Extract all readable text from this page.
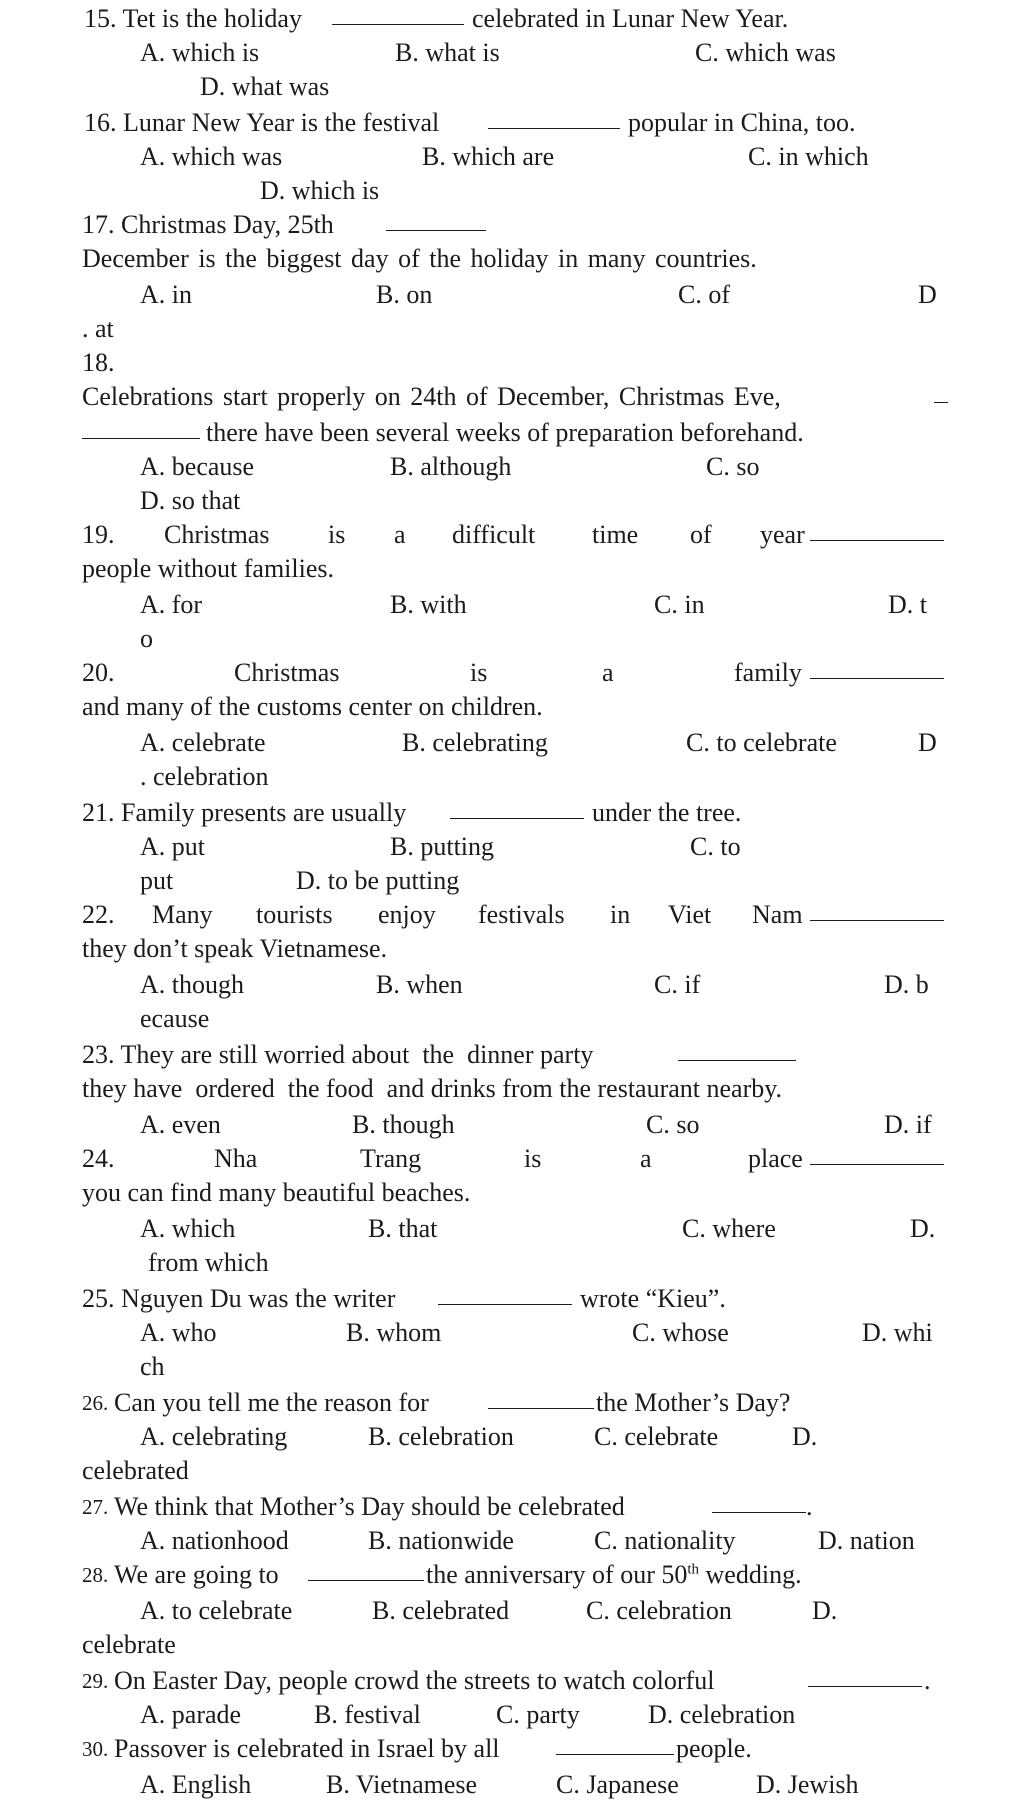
15. Tet is the holiday	celebrated in Lunar New Year.
A. which is	B. what is	C. which was
D. what was
16. Lunar New Year is the festival	popular in China, too.
A. which was	B. which are	C. in which
D. which is
17. Christmas Day, 25th
December is the biggest day of the holiday in many countries.
A. in	B. on	C. of	D
. at
18.
Celebrations start properly on 24th of December, Christmas Eve,
there have been several weeks of preparation beforehand.
A. because	B. although	C. so
D. so that
19. Christmas is a difficult time of year
people without families.
A. for	B. with	C. in	D. t
o
20.	Christmas	is	a	family
and many of the customs center on children.
A. celebrate	B. celebrating	C. to celebrate	D
. celebration
21. Family presents are usually	under the tree.
A. put	B. putting	C. to
put	D. to be putting
22. Many tourists enjoy festivals in Viet Nam
they don’t speak Vietnamese.
A. though	B. when	C. if	D. b
ecause
23. They are still worried about  the  dinner party
they have  ordered  the food  and drinks from the restaurant nearby.
A. even	B. though	C. so	D. if
24.	Nha	Trang	is	a	place
you can find many beautiful beaches.
A. which	B. that	C. where	D.
from which
25. Nguyen Du was the writer	wrote “Kieu”.
A. who	B. whom	C. whose	D. whi
ch
26. Can you tell me the reason for	the Mother’s Day?
A. celebrating	B. celebration	C. celebrate	D.
celebrated
27. We think that Mother’s Day should be celebrated	.
A. nationhood	B. nationwide	C. nationality	D. nation
28. We are going to	the anniversary of our 50th wedding.
A. to celebrate	B. celebrated	C. celebration	D.
celebrate
29. On Easter Day, people crowd the streets to watch colorful	.
A. parade	B. festival	C. party	D. celebration
30. Passover is celebrated in Israel by all	people.
A. English	B. Vietnamese	C. Japanese	D. Jewish
